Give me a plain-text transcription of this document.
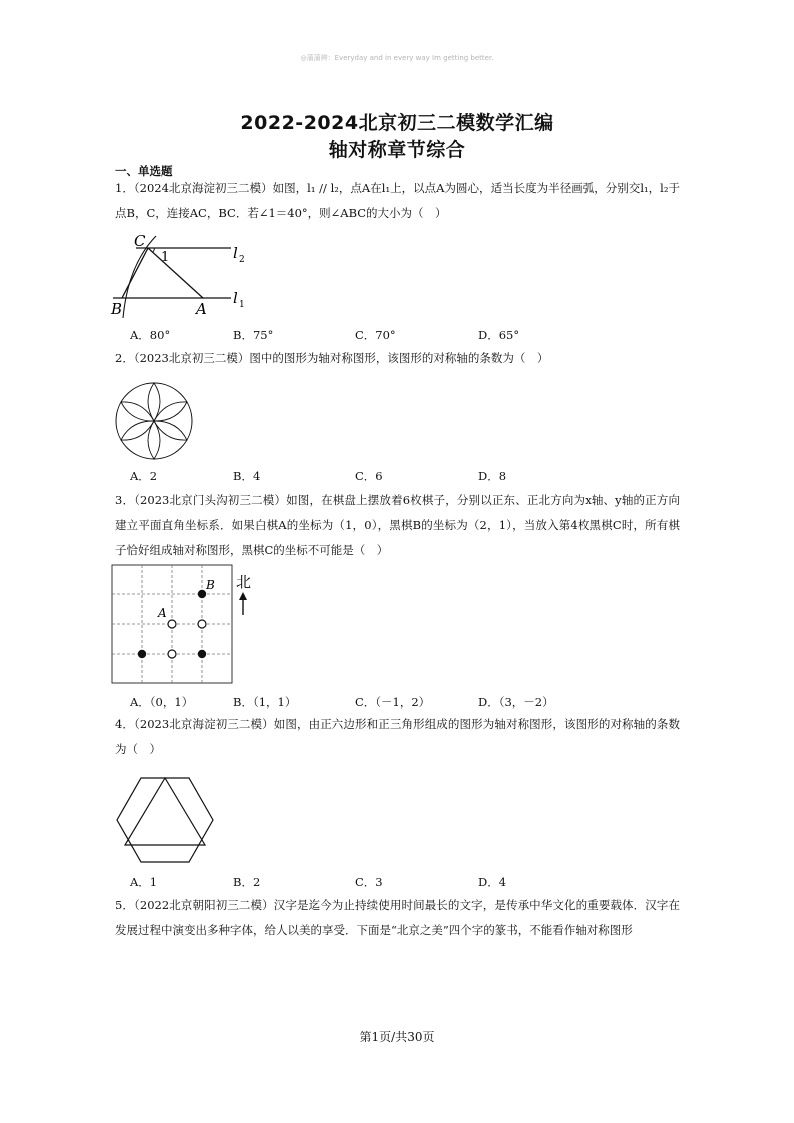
◎蒲蒲辨：Everyday and in every way Im getting better.
2022-2024北京初三二模数学汇编
轴对称章节综合
一、单选题
1．（2024北京海淀初三二模）如图，l₁ // l₂，点A在l₁上，以点A为圆心，适当长度为半径画弧，分别交l₁，l₂于点B，C，连接AC，BC．若∠1＝40°，则∠ABC的大小为（　）
C
1	l 2
B	A
l 1
A．80°	B．75°	C．70°	D．65°
2．（2023北京初三二模）图中的图形为轴对称图形，该图形的对称轴的条数为（　）
A．2	B．4	C．6	D．8
3．（2023北京门头沟初三二模）如图，在棋盘上摆放着6枚棋子，分别以正东、正北方向为x轴、y轴的正方向建立平面直角坐标系．如果白棋A的坐标为（1，0），黑棋B的坐标为（2，1），当放入第4枚黑棋C时，所有棋子恰好组成轴对称图形，黑棋C的坐标不可能是（　）
B
A
北
A．（0，1）	B．（1，1）	C．（－1，2）	D．（3，－2）
4．（2023北京海淀初三二模）如图，由正六边形和正三角形组成的图形为轴对称图形，该图形的对称轴的条数为（　）
A．1	B．2	C．3	D．4
5．（2022北京朝阳初三二模）汉字是迄今为止持续使用时间最长的文字，是传承中华文化的重要载体．汉字在发展过程中演变出多种字体，给人以美的享受．下面是“北京之美”四个字的篆书，不能看作轴对称图形
第1页/共30页
